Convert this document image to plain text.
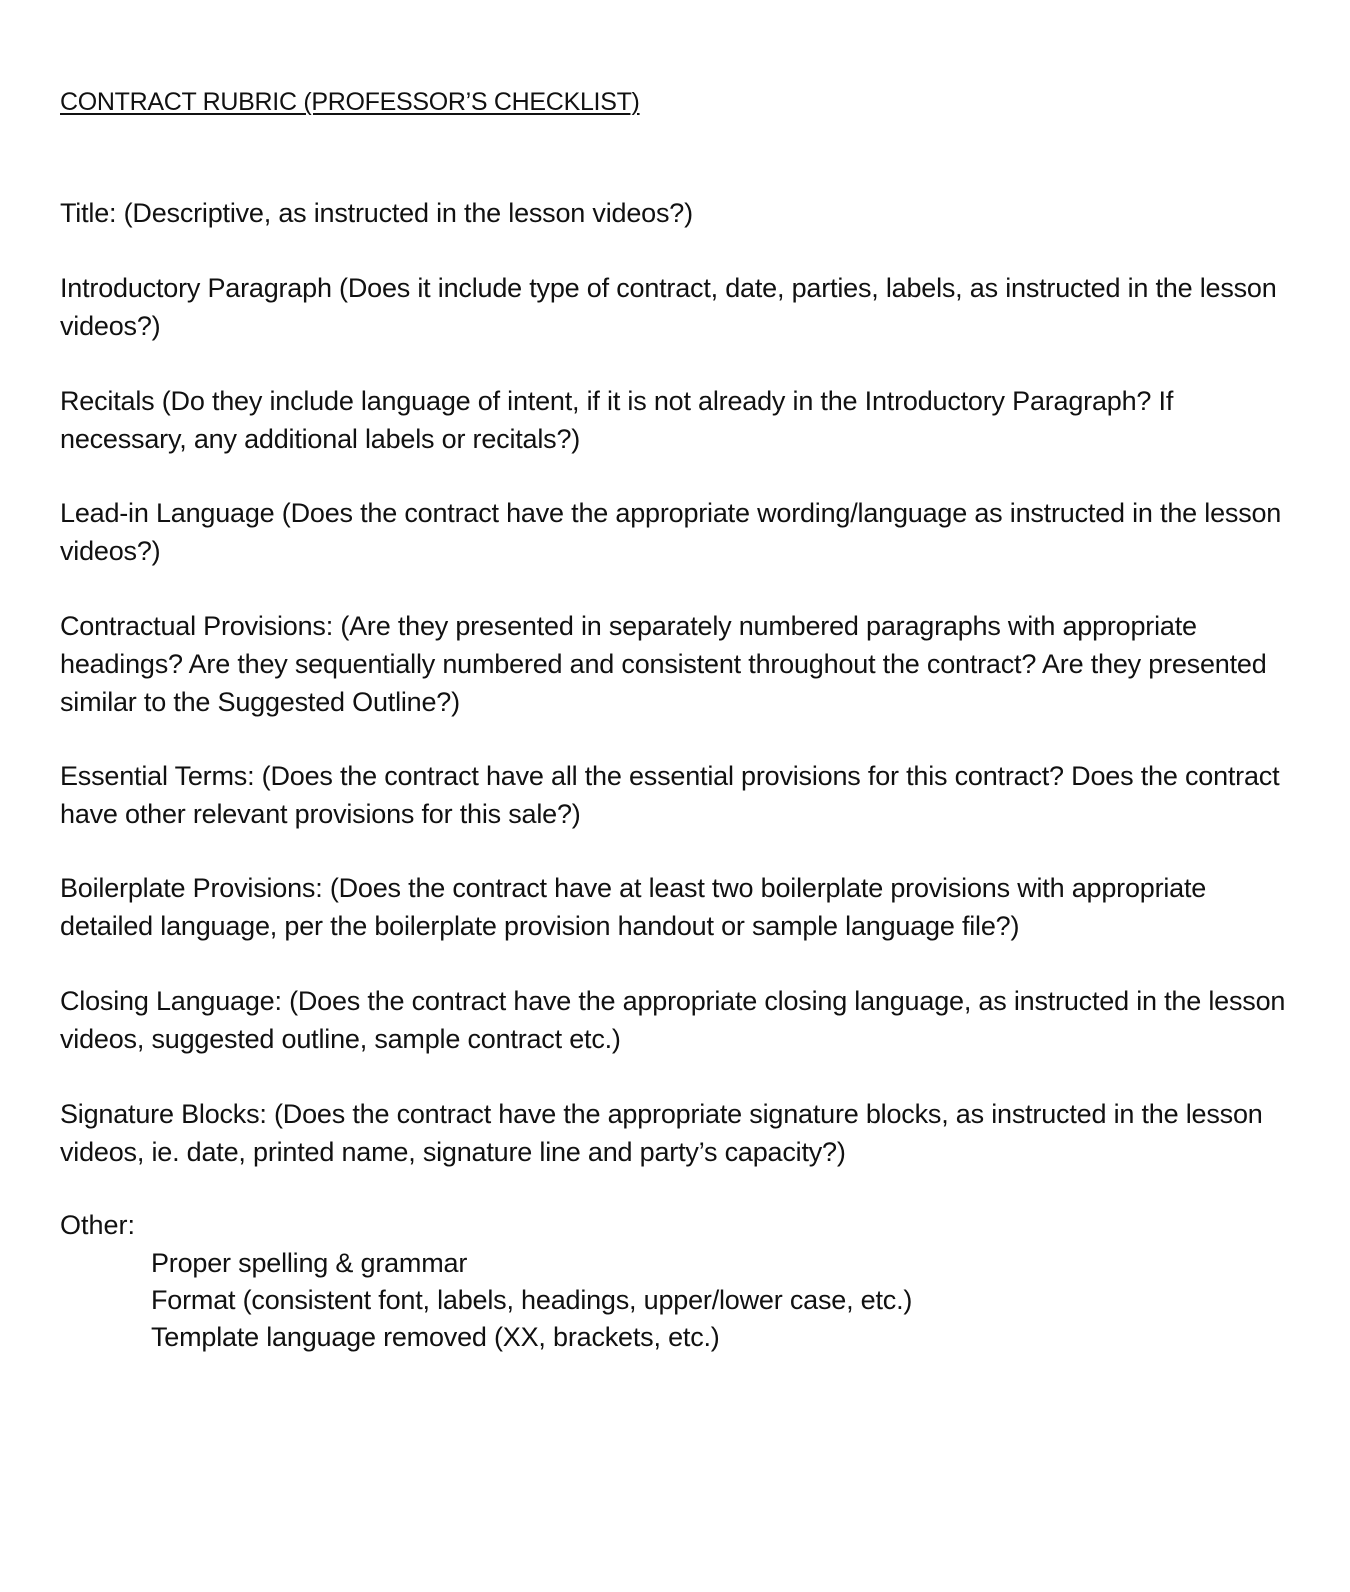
CONTRACT RUBRIC (PROFESSOR’S CHECKLIST)
Title: (Descriptive, as instructed in the lesson videos?)
Introductory Paragraph (Does it include type of contract, date, parties, labels, as instructed in the lesson videos?)
Recitals (Do they include language of intent, if it is not already in the Introductory Paragraph? If necessary, any additional labels or recitals?)
Lead-in Language (Does the contract have the appropriate wording/language as instructed in the lesson videos?)
Contractual Provisions: (Are they presented in separately numbered paragraphs with appropriate headings? Are they sequentially numbered and consistent throughout the contract? Are they presented similar to the Suggested Outline?)
Essential Terms: (Does the contract have all the essential provisions for this contract? Does the contract have other relevant provisions for this sale?)
Boilerplate Provisions: (Does the contract have at least two boilerplate provisions with appropriate detailed language, per the boilerplate provision handout or sample language file?)
Closing Language: (Does the contract have the appropriate closing language, as instructed in the lesson videos, suggested outline, sample contract etc.)
Signature Blocks: (Does the contract have the appropriate signature blocks, as instructed in the lesson videos, ie. date, printed name, signature line and party’s capacity?)
Other:
Proper spelling & grammar
Format (consistent font, labels, headings, upper/lower case, etc.)
Template language removed (XX, brackets, etc.)
